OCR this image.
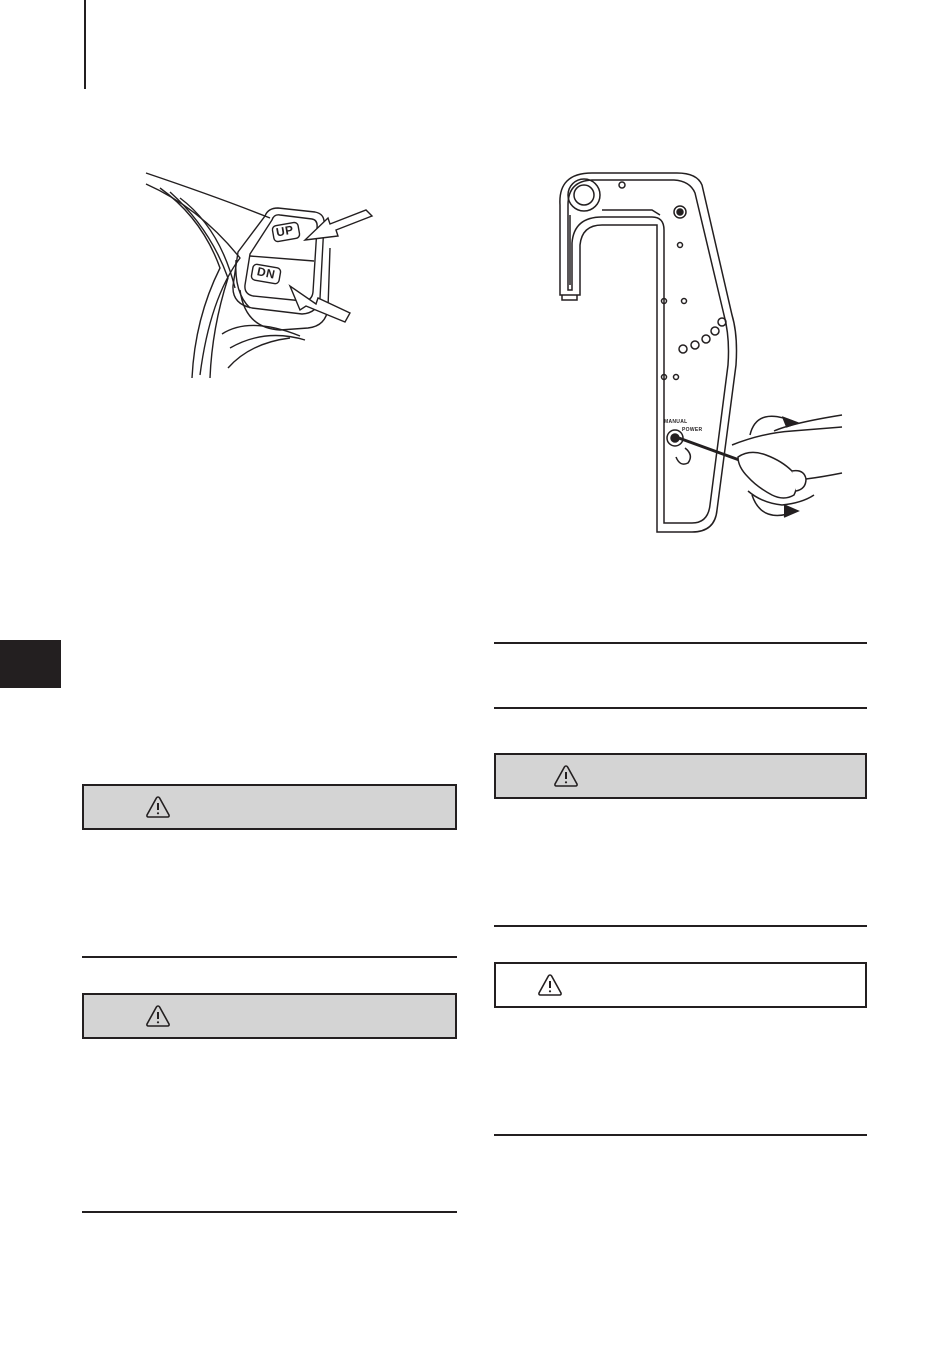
UP
DN
MANUAL
POWER
